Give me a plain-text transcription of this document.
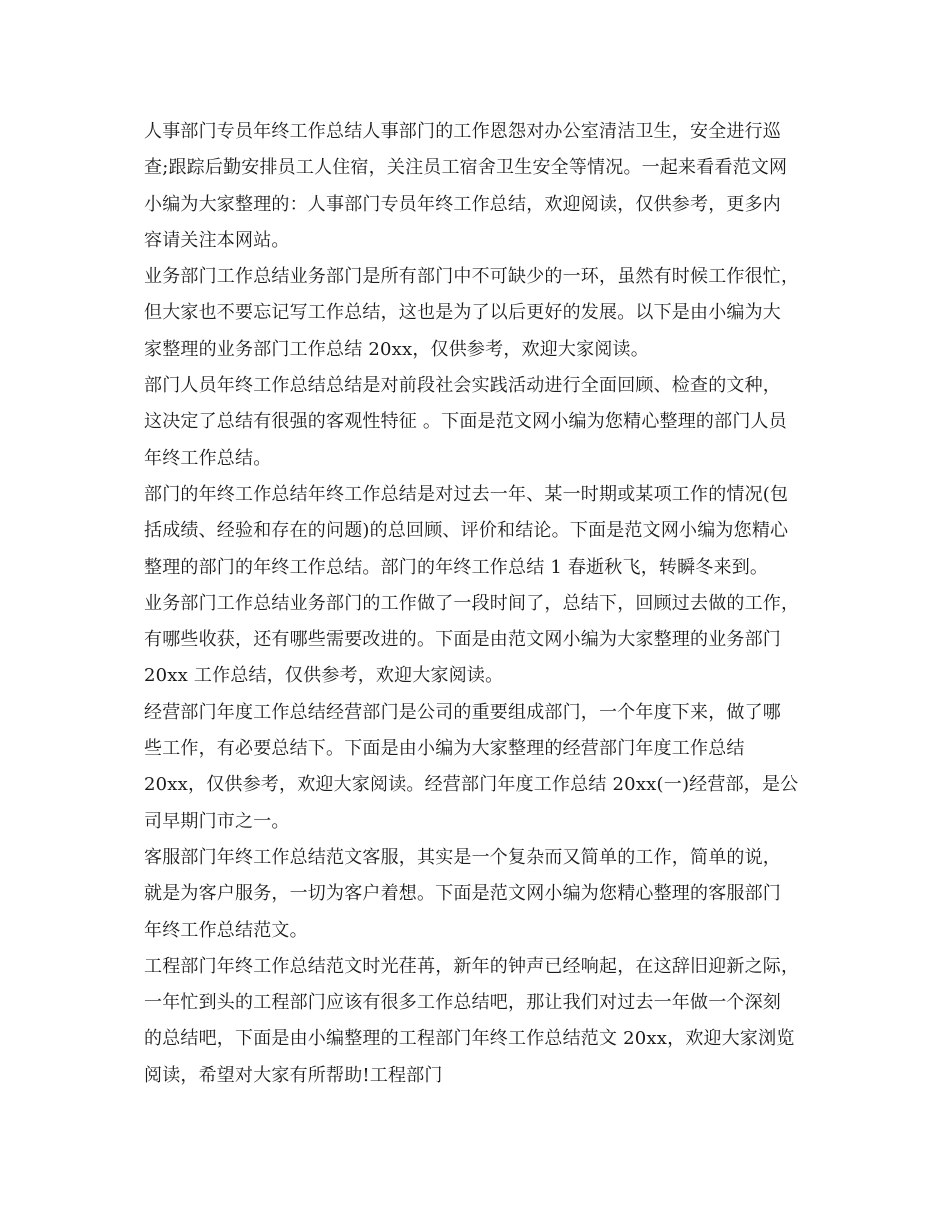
人事部门专员年终工作总结人事部门的工作恩怨对办公室清洁卫生，安全进行巡
查;跟踪后勤安排员工人住宿，关注员工宿舍卫生安全等情况。一起来看看范文网
小编为大家整理的：人事部门专员年终工作总结，欢迎阅读，仅供参考，更多内
容请关注本网站。
业务部门工作总结业务部门是所有部门中不可缺少的一环，虽然有时候工作很忙，
但大家也不要忘记写工作总结，这也是为了以后更好的发展。以下是由小编为大
家整理的业务部门工作总结 20xx，仅供参考，欢迎大家阅读。
部门人员年终工作总结总结是对前段社会实践活动进行全面回顾、检查的文种，
这决定了总结有很强的客观性特征 。下面是范文网小编为您精心整理的部门人员
年终工作总结。
部门的年终工作总结年终工作总结是对过去一年、某一时期或某项工作的情况(包
括成绩、经验和存在的问题)的总回顾、评价和结论。下面是范文网小编为您精心
整理的部门的年终工作总结。部门的年终工作总结 1 春逝秋飞，转瞬冬来到。
业务部门工作总结业务部门的工作做了一段时间了，总结下，回顾过去做的工作，
有哪些收获，还有哪些需要改进的。下面是由范文网小编为大家整理的业务部门
20xx 工作总结，仅供参考，欢迎大家阅读。
经营部门年度工作总结经营部门是公司的重要组成部门，一个年度下来，做了哪
些工作，有必要总结下。下面是由小编为大家整理的经营部门年度工作总结
20xx，仅供参考，欢迎大家阅读。经营部门年度工作总结 20xx(一)经营部，是公
司早期门市之一。
客服部门年终工作总结范文客服，其实是一个复杂而又简单的工作，简单的说，
就是为客户服务，一切为客户着想。下面是范文网小编为您精心整理的客服部门
年终工作总结范文。
工程部门年终工作总结范文时光荏苒，新年的钟声已经响起，在这辞旧迎新之际，
一年忙到头的工程部门应该有很多工作总结吧，那让我们对过去一年做一个深刻
的总结吧，下面是由小编整理的工程部门年终工作总结范文 20xx，欢迎大家浏览
阅读，希望对大家有所帮助!工程部门
